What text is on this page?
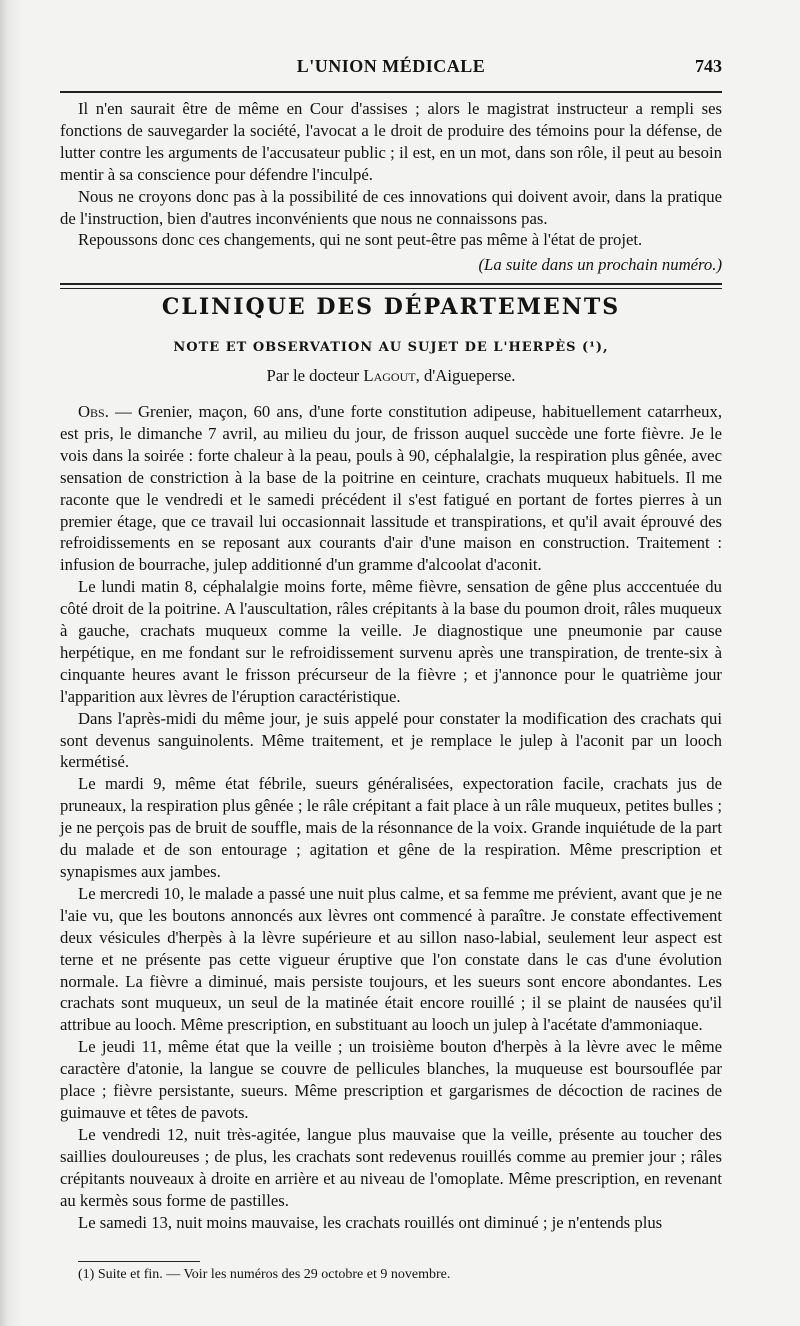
L'UNION MÉDICALE	743

Il n'en saurait être de même en Cour d'assises ; alors le magistrat instructeur a rempli ses fonctions de sauvegarder la société, l'avocat a le droit de produire des témoins pour la défense, de lutter contre les arguments de l'accusateur public ; il est, en un mot, dans son rôle, il peut au besoin mentir à sa conscience pour défendre l'inculpé.

Nous ne croyons donc pas à la possibilité de ces innovations qui doivent avoir, dans la pratique de l'instruction, bien d'autres inconvénients que nous ne connaissons pas.

Repoussons donc ces changements, qui ne sont peut-être pas même à l'état de projet.

(La suite dans un prochain numéro.)
CLINIQUE DES DÉPARTEMENTS
NOTE ET OBSERVATION AU SUJET DE L'HERPÈS (¹),
Par le docteur Lagout, d'Aigueperse.

Obs. — Grenier, maçon, 60 ans, d'une forte constitution adipeuse, habituellement catarrheux, est pris, le dimanche 7 avril, au milieu du jour, de frisson auquel succède une forte fièvre. Je le vois dans la soirée : forte chaleur à la peau, pouls à 90, céphalalgie, la respiration plus gênée, avec sensation de constriction à la base de la poitrine en ceinture, crachats muqueux habituels. Il me raconte que le vendredi et le samedi précédent il s'est fatigué en portant de fortes pierres à un premier étage, que ce travail lui occasionnait lassitude et transpirations, et qu'il avait éprouvé des refroidissements en se reposant aux courants d'air d'une maison en construction. Traitement : infusion de bourrache, julep additionné d'un gramme d'alcoolat d'aconit.

Le lundi matin 8, céphalalgie moins forte, même fièvre, sensation de gêne plus acccentuée du côté droit de la poitrine. A l'auscultation, râles crépitants à la base du poumon droit, râles muqueux à gauche, crachats muqueux comme la veille. Je diagnostique une pneumonie par cause herpétique, en me fondant sur le refroidissement survenu après une transpiration, de trente-six à cinquante heures avant le frisson précurseur de la fièvre ; et j'annonce pour le quatrième jour l'apparition aux lèvres de l'éruption caractéristique.

Dans l'après-midi du même jour, je suis appelé pour constater la modification des crachats qui sont devenus sanguinolents. Même traitement, et je remplace le julep à l'aconit par un looch kermétisé.

Le mardi 9, même état fébrile, sueurs généralisées, expectoration facile, crachats jus de pruneaux, la respiration plus gênée ; le râle crépitant a fait place à un râle muqueux, petites bulles ; je ne perçois pas de bruit de souffle, mais de la résonnance de la voix. Grande inquiétude de la part du malade et de son entourage ; agitation et gêne de la respiration. Même prescription et synapismes aux jambes.

Le mercredi 10, le malade a passé une nuit plus calme, et sa femme me prévient, avant que je ne l'aie vu, que les boutons annoncés aux lèvres ont commencé à paraître. Je constate effectivement deux vésicules d'herpès à la lèvre supérieure et au sillon naso-labial, seulement leur aspect est terne et ne présente pas cette vigueur éruptive que l'on constate dans le cas d'une évolution normale. La fièvre a diminué, mais persiste toujours, et les sueurs sont encore abondantes. Les crachats sont muqueux, un seul de la matinée était encore rouillé ; il se plaint de nausées qu'il attribue au looch. Même prescription, en substituant au looch un julep à l'acétate d'ammoniaque.

Le jeudi 11, même état que la veille ; un troisième bouton d'herpès à la lèvre avec le même caractère d'atonie, la langue se couvre de pellicules blanches, la muqueuse est boursouflée par place ; fièvre persistante, sueurs. Même prescription et gargarismes de décoction de racines de guimauve et têtes de pavots.

Le vendredi 12, nuit très-agitée, langue plus mauvaise que la veille, présente au toucher des saillies douloureuses ; de plus, les crachats sont redevenus rouillés comme au premier jour ; râles crépitants nouveaux à droite en arrière et au niveau de l'omoplate. Même prescription, en revenant au kermès sous forme de pastilles.

Le samedi 13, nuit moins mauvaise, les crachats rouillés ont diminué ; je n'entends plus

(1) Suite et fin. — Voir les numéros des 29 octobre et 9 novembre.
